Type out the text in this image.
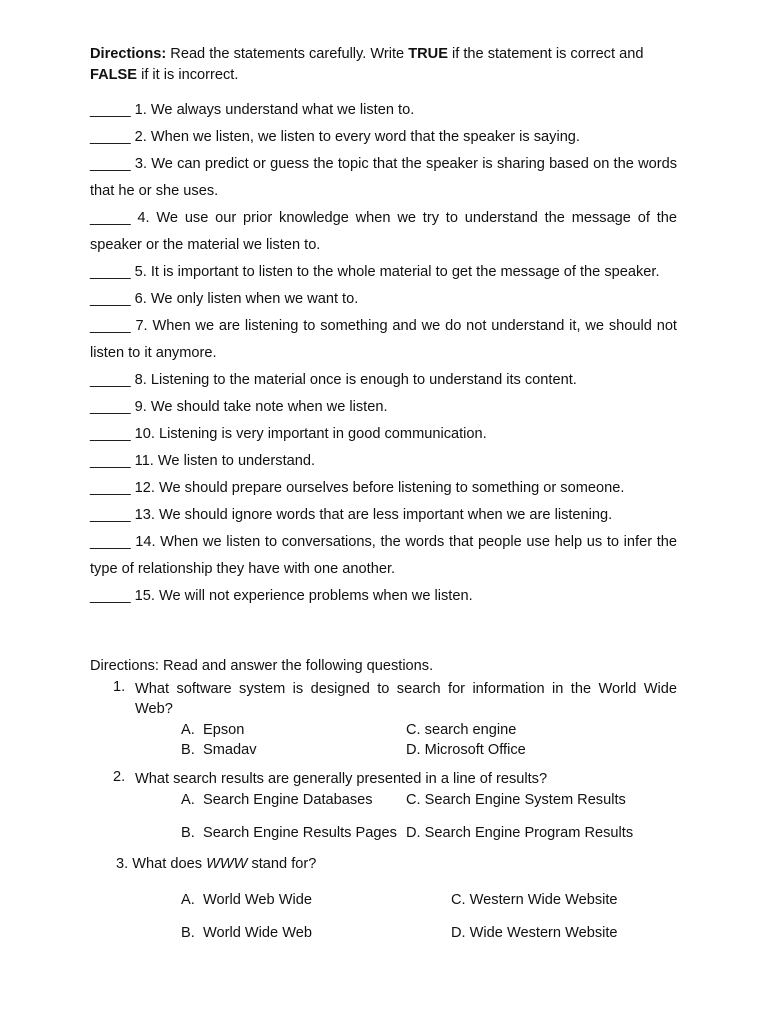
Directions: Read the statements carefully. Write TRUE if the statement is correct and
FALSE if it is incorrect.
_____ 1. We always understand what we listen to.
_____ 2. When we listen, we listen to every word that the speaker is saying.
_____ 3. We can predict or guess the topic that the speaker is sharing based on the words that he or she uses.
_____ 4. We use our prior knowledge when we try to understand the message of the speaker or the material we listen to.
_____ 5. It is important to listen to the whole material to get the message of the speaker.
_____ 6. We only listen when we want to.
_____ 7. When we are listening to something and we do not understand it, we should not listen to it anymore.
_____ 8. Listening to the material once is enough to understand its content.
_____ 9. We should take note when we listen.
_____ 10. Listening is very important in good communication.
_____ 11. We listen to understand.
_____ 12. We should prepare ourselves before listening to something or someone.
_____ 13. We should ignore words that are less important when we are listening.
_____ 14. When we listen to conversations, the words that people use help us to infer the type of relationship they have with one another.
_____ 15. We will not experience problems when we listen.
Directions: Read and answer the following questions.
1. What software system is designed to search for information in the World Wide Web?
A. Epson
B. Smadav
C. search engine
D. Microsoft Office
2. What search results are generally presented in a line of results?
A. Search Engine Databases
B. Search Engine Results Pages
C. Search Engine System Results
D. Search Engine Program Results
3. What does WWW stand for?
A. World Web Wide
B. World Wide Web
C. Western Wide Website
D. Wide Western Website
